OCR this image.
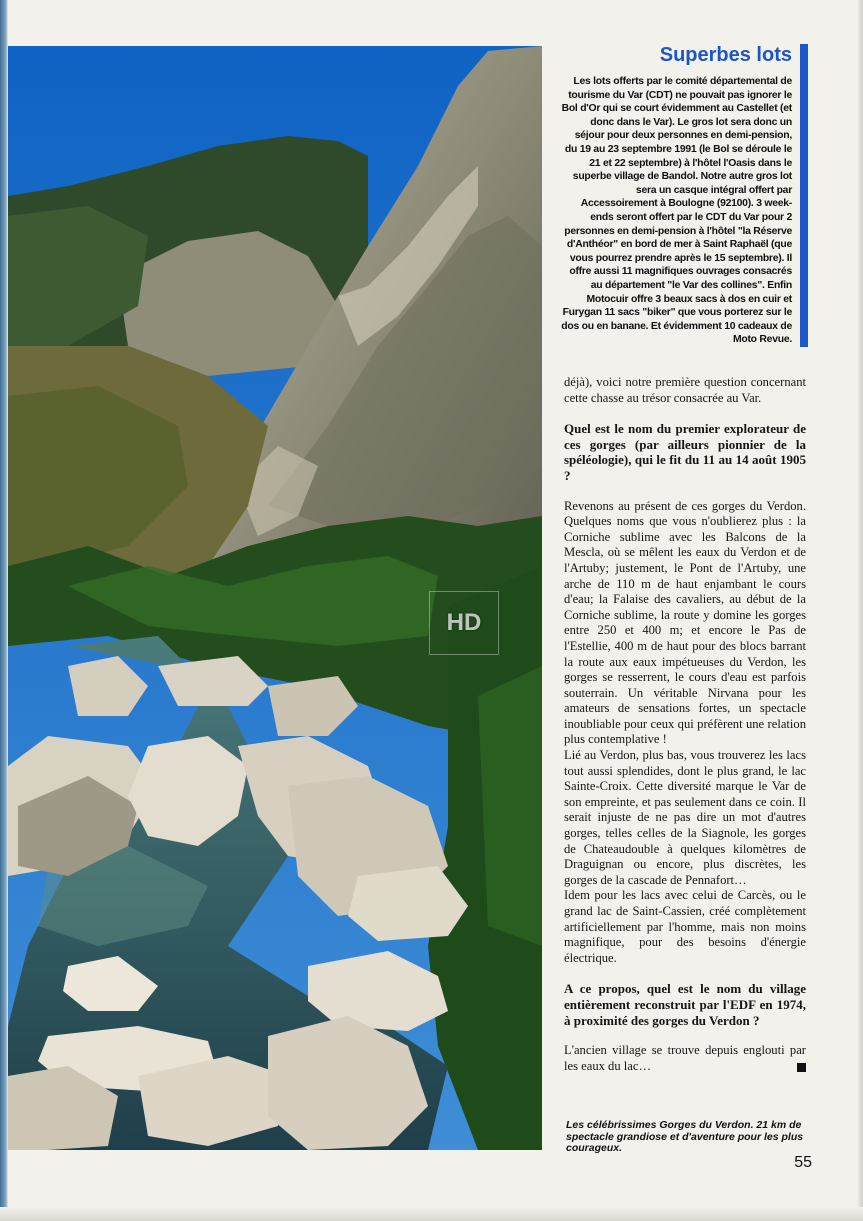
HD
Superbes lots
Les lots offerts par le comité départemental de tourisme du Var (CDT) ne pouvait pas ignorer le Bol d'Or qui se court évidemment au Castellet (et donc dans le Var). Le gros lot sera donc un séjour pour deux personnes en demi-pension, du 19 au 23 septembre 1991 (le Bol se déroule le 21 et 22 septembre) à l'hôtel l'Oasis dans le superbe village de Bandol. Notre autre gros lot sera un casque intégral offert par Accessoirement à Boulogne (92100). 3 week-ends seront offert par le CDT du Var pour 2 personnes en demi-pension à l'hôtel "la Réserve d'Anthéor" en bord de mer à Saint Raphaël (que vous pourrez prendre après le 15 septembre). Il offre aussi 11 magnifiques ouvrages consacrés au département "le Var des collines". Enfin Motocuir offre 3 beaux sacs à dos en cuir et Furygan 11 sacs "biker" que vous porterez sur le dos ou en banane. Et évidemment 10 cadeaux de Moto Revue.

déjà), voici notre première question concernant cette chasse au trésor consacrée au Var.

Quel est le nom du premier explorateur de ces gorges (par ailleurs pionnier de la spéléologie), qui le fit du 11 au 14 août 1905 ?

Revenons au présent de ces gorges du Verdon. Quelques noms que vous n'oublierez plus : la Corniche sublime avec les Balcons de la Mescla, où se mêlent les eaux du Verdon et de l'Artuby; justement, le Pont de l'Artuby, une arche de 110 m de haut enjambant le cours d'eau; la Falaise des cavaliers, au début de la Corniche sublime, la route y domine les gorges entre 250 et 400 m; et encore le Pas de l'Estellie, 400 m de haut pour des blocs barrant la route aux eaux impétueuses du Verdon, les gorges se resserrent, le cours d'eau est parfois souterrain. Un véritable Nirvana pour les amateurs de sensations fortes, un spectacle inoubliable pour ceux qui préfèrent une relation plus contemplative !

Lié au Verdon, plus bas, vous trouverez les lacs tout aussi splendides, dont le plus grand, le lac Sainte-Croix. Cette diversité marque le Var de son empreinte, et pas seulement dans ce coin. Il serait injuste de ne pas dire un mot d'autres gorges, telles celles de la Siagnole, les gorges de Chateaudouble à quelques kilomètres de Draguignan ou encore, plus discrètes, les gorges de la cascade de Pennafort…

Idem pour les lacs avec celui de Carcès, ou le grand lac de Saint-Cassien, créé complètement artificiellement par l'homme, mais non moins magnifique, pour des besoins d'énergie électrique.

A ce propos, quel est le nom du village entièrement reconstruit par l'EDF en 1974, à proximité des gorges du Verdon ?

L'ancien village se trouve depuis englouti par les eaux du lac…

Les célébrissimes Gorges du Verdon. 21 km de spectacle grandiose et d'aventure pour les plus courageux.
55
